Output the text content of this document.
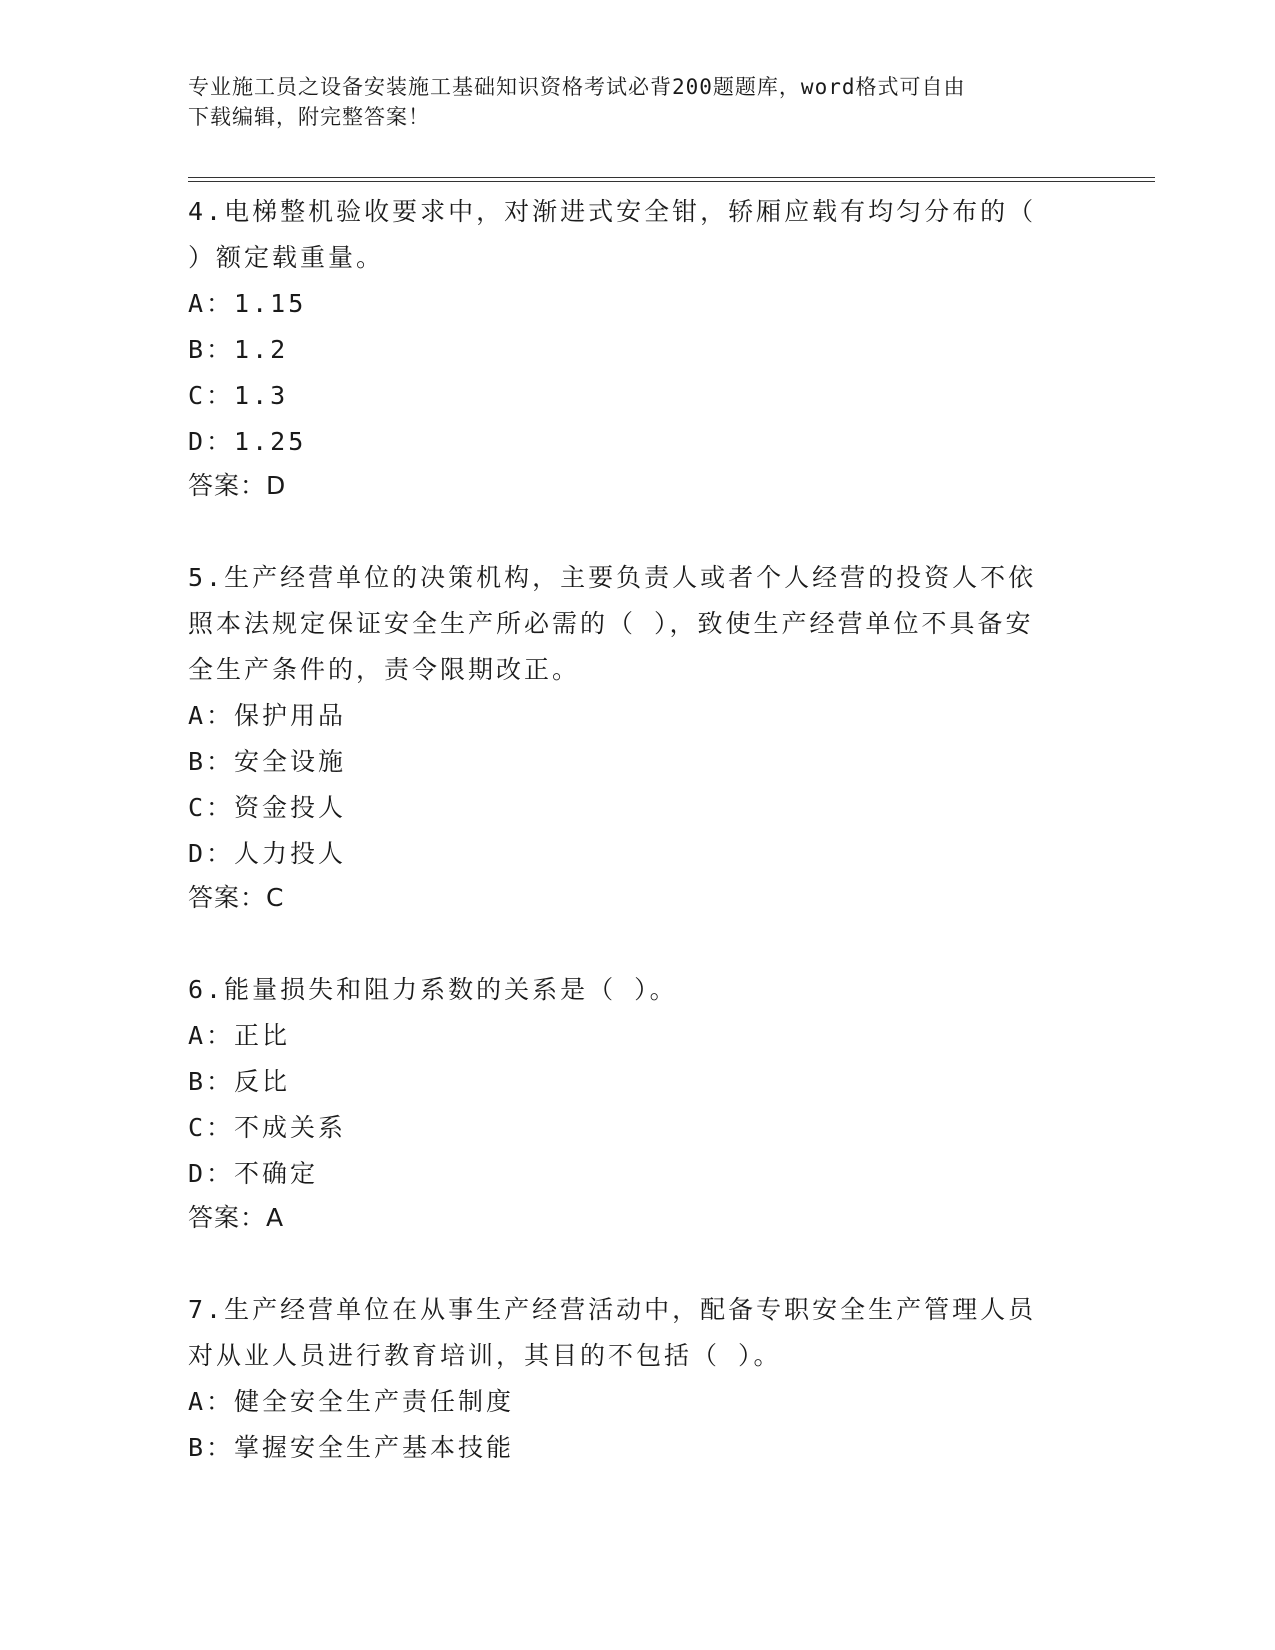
专业施工员之设备安装施工基础知识资格考试必背200题题库，word格式可自由
下载编辑，附完整答案！

4.电梯整机验收要求中，对渐进式安全钳，轿厢应载有均匀分布的（

）额定载重量。

A：1.15

B：1.2

C：1.3

D：1.25

答案：D

5.生产经营单位的决策机构，主要负责人或者个人经营的投资人不依

照本法规定保证安全生产所必需的（ ），致使生产经营单位不具备安

全生产条件的，责令限期改正。

A：保护用品

B：安全设施

C：资金投人

D：人力投人

答案：C

6.能量损失和阻力系数的关系是（ ）。

A：正比

B：反比

C：不成关系

D：不确定

答案：A

7.生产经营单位在从事生产经营活动中，配备专职安全生产管理人员

对从业人员进行教育培训，其目的不包括（ ）。

A：健全安全生产责任制度

B：掌握安全生产基本技能
